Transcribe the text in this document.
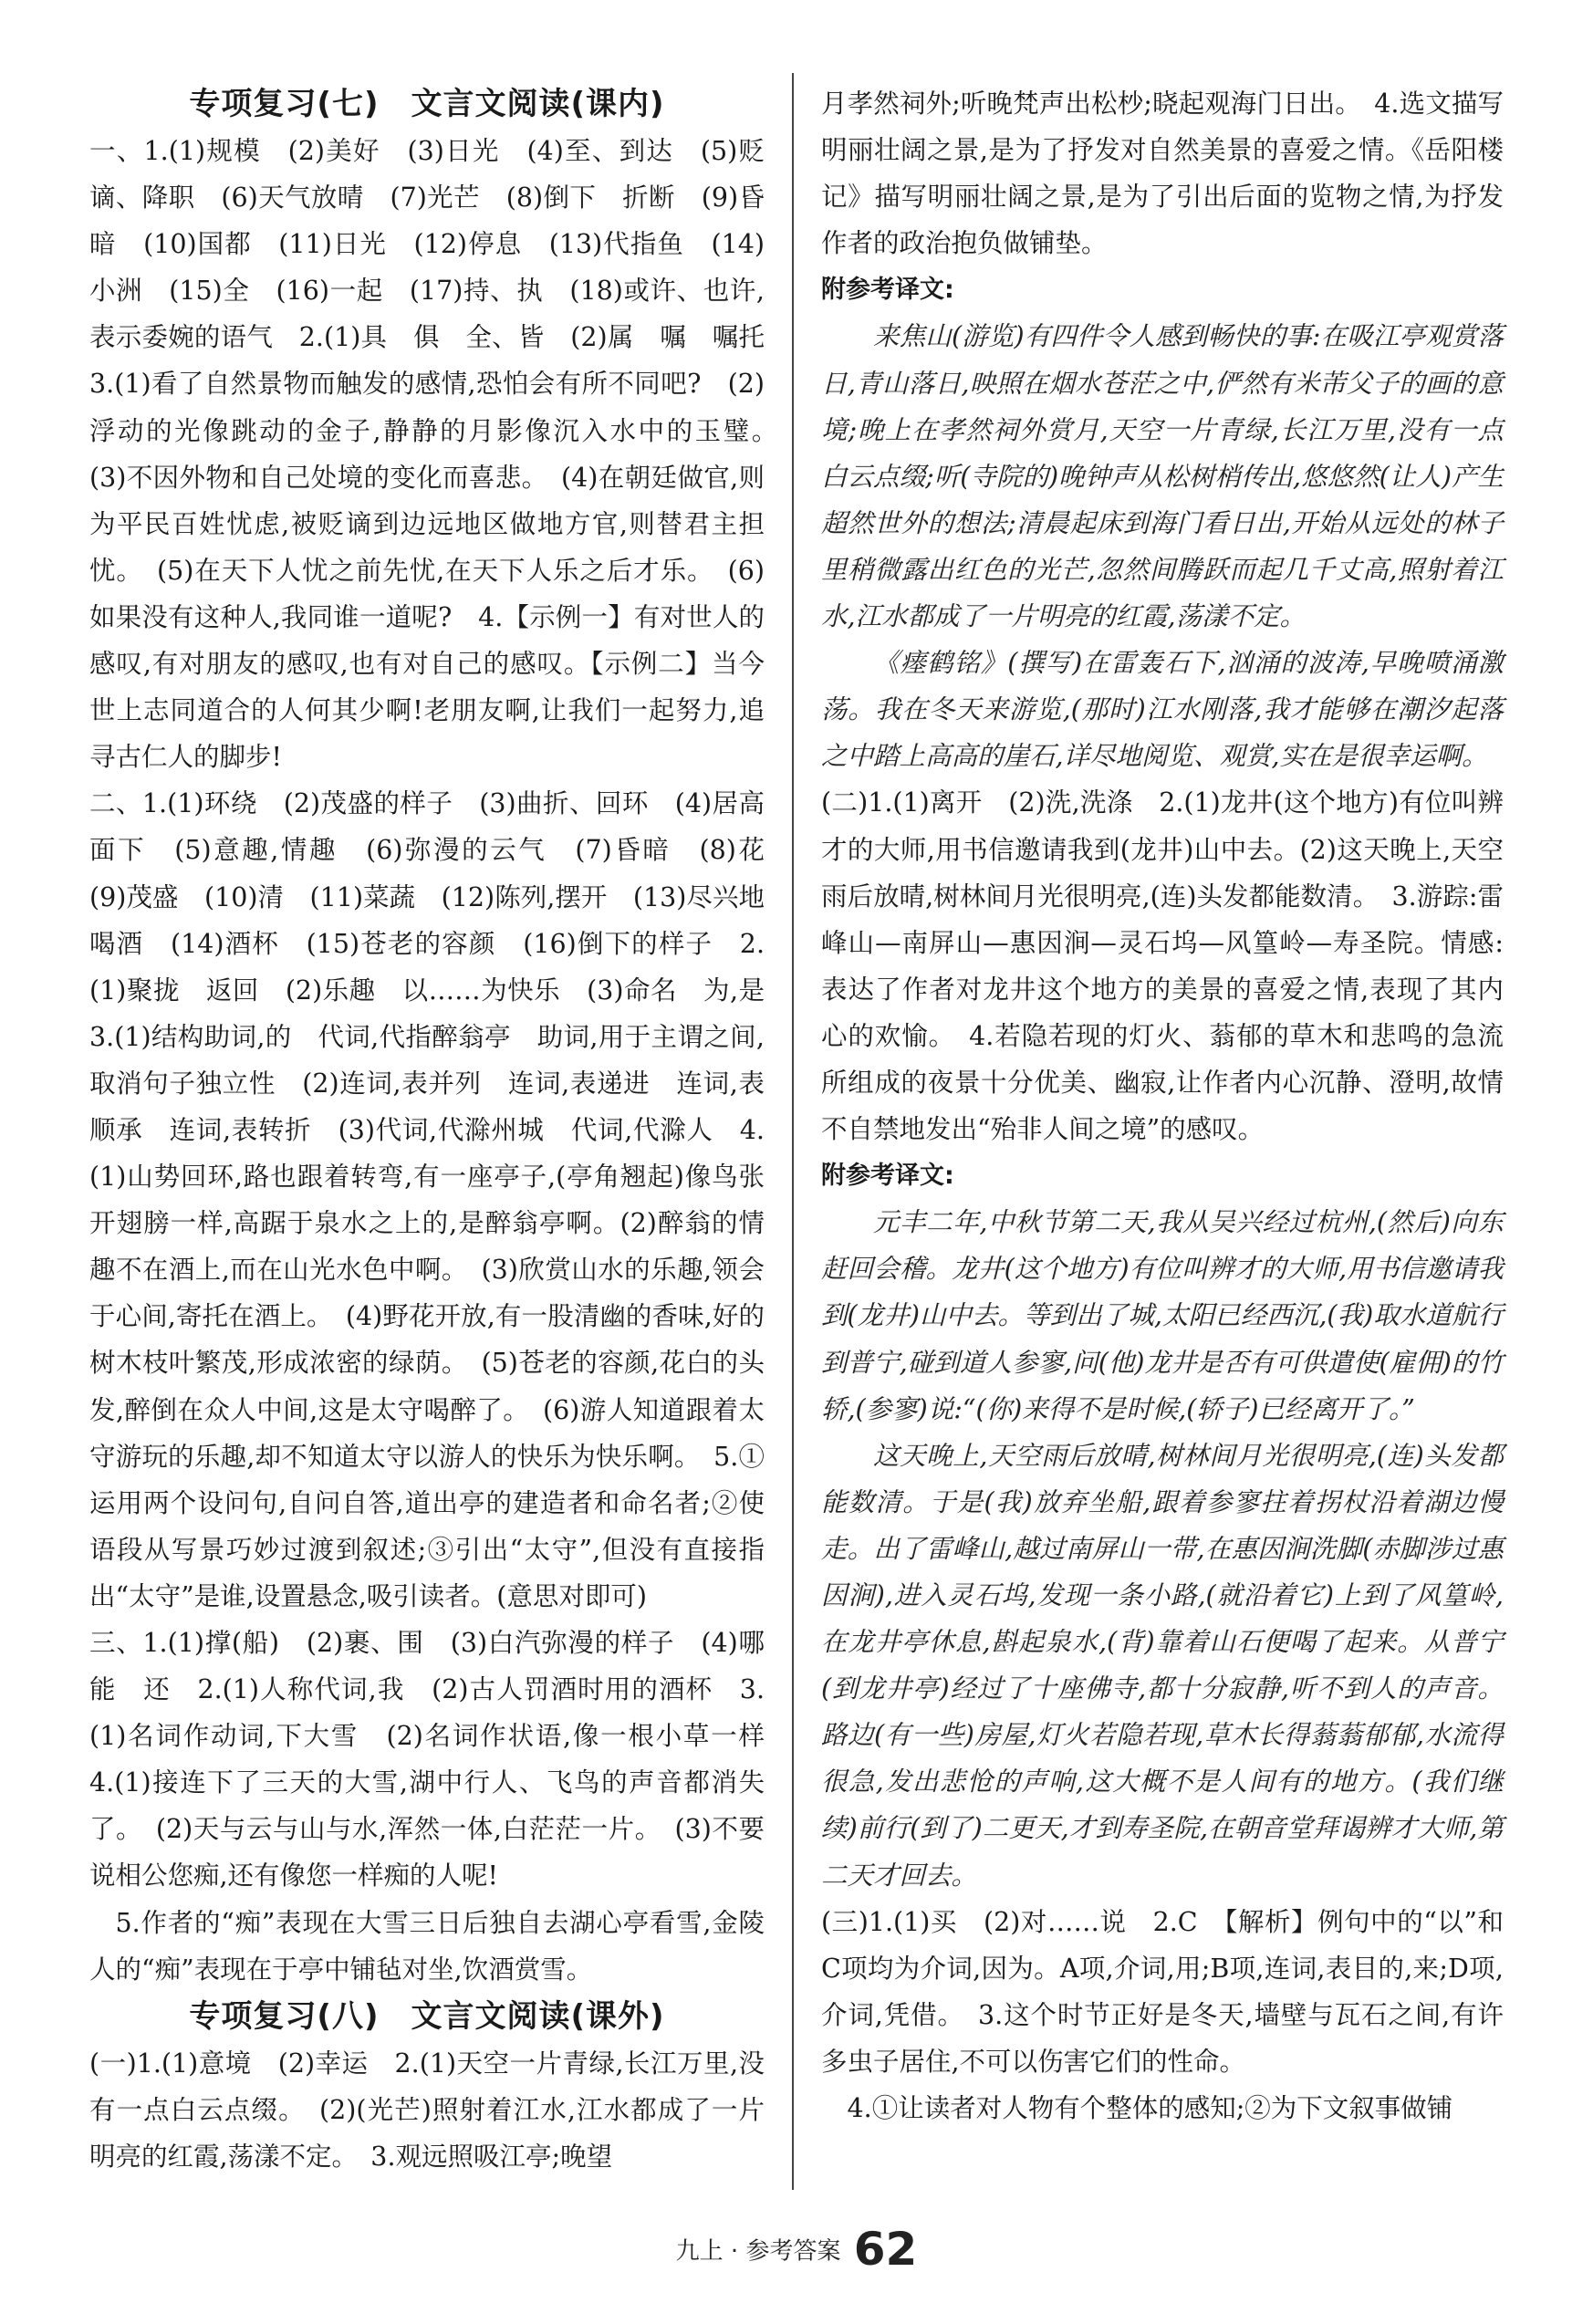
专项复习(七)　文言文阅读(课内)

一、1.(1)规模　(2)美好　(3)日光　(4)至、到达　(5)贬谪、降职　(6)天气放晴　(7)光芒　(8)倒下　折断　(9)昏暗　(10)国都　(11)日光　(12)停息　(13)代指鱼　(14)小洲　(15)全　(16)一起　(17)持、执　(18)或许、也许,表示委婉的语气　2.(1)具　俱　全、皆　(2)属　嘱　嘱托　3.(1)看了自然景物而触发的感情,恐怕会有所不同吧?　(2)浮动的光像跳动的金子,静静的月影像沉入水中的玉璧。　(3)不因外物和自己处境的变化而喜悲。　(4)在朝廷做官,则为平民百姓忧虑,被贬谪到边远地区做地方官,则替君主担忧。　(5)在天下人忧之前先忧,在天下人乐之后才乐。　(6)如果没有这种人,我同谁一道呢?　4.【示例一】有对世人的感叹,有对朋友的感叹,也有对自己的感叹。【示例二】当今世上志同道合的人何其少啊!老朋友啊,让我们一起努力,追寻古仁人的脚步!

二、1.(1)环绕　(2)茂盛的样子　(3)曲折、回环　(4)居高面下　(5)意趣,情趣　(6)弥漫的云气　(7)昏暗　(8)花　(9)茂盛　(10)清　(11)菜蔬　(12)陈列,摆开　(13)尽兴地喝酒　(14)酒杯　(15)苍老的容颜　(16)倒下的样子　2.(1)聚拢　返回　(2)乐趣　以……为快乐　(3)命名　为,是　3.(1)结构助词,的　代词,代指醉翁亭　助词,用于主谓之间,取消句子独立性　(2)连词,表并列　连词,表递进　连词,表顺承　连词,表转折　(3)代词,代滁州城　代词,代滁人　4.(1)山势回环,路也跟着转弯,有一座亭子,(亭角翘起)像鸟张开翅膀一样,高踞于泉水之上的,是醉翁亭啊。(2)醉翁的情趣不在酒上,而在山光水色中啊。　(3)欣赏山水的乐趣,领会于心间,寄托在酒上。　(4)野花开放,有一股清幽的香味,好的树木枝叶繁茂,形成浓密的绿荫。　(5)苍老的容颜,花白的头发,醉倒在众人中间,这是太守喝醉了。　(6)游人知道跟着太守游玩的乐趣,却不知道太守以游人的快乐为快乐啊。　5.①运用两个设问句,自问自答,道出亭的建造者和命名者;②使语段从写景巧妙过渡到叙述;③引出“太守”,但没有直接指出“太守”是谁,设置悬念,吸引读者。(意思对即可)

三、1.(1)撑(船)　(2)裹、围　(3)白汽弥漫的样子　(4)哪能　还　2.(1)人称代词,我　(2)古人罚酒时用的酒杯　3.(1)名词作动词,下大雪　(2)名词作状语,像一根小草一样　4.(1)接连下了三天的大雪,湖中行人、飞鸟的声音都消失了。　(2)天与云与山与水,浑然一体,白茫茫一片。　(3)不要说相公您痴,还有像您一样痴的人呢!

5.作者的“痴”表现在大雪三日后独自去湖心亭看雪,金陵人的“痴”表现在于亭中铺毡对坐,饮酒赏雪。

专项复习(八)　文言文阅读(课外)

(一)1.(1)意境　(2)幸运　2.(1)天空一片青绿,长江万里,没有一点白云点缀。　(2)(光芒)照射着江水,江水都成了一片明亮的红霞,荡漾不定。　3.观远照吸江亭;晚望

月孝然祠外;听晚梵声出松杪;晓起观海门日出。　4.选文描写明丽壮阔之景,是为了抒发对自然美景的喜爱之情。《岳阳楼记》描写明丽壮阔之景,是为了引出后面的览物之情,为抒发作者的政治抱负做铺垫。

附参考译文:

来焦山(游览)有四件令人感到畅快的事:在吸江亭观赏落日,青山落日,映照在烟水苍茫之中,俨然有米芾父子的画的意境;晚上在孝然祠外赏月,天空一片青绿,长江万里,没有一点白云点缀;听(寺院的)晚钟声从松树梢传出,悠悠然(让人)产生超然世外的想法;清晨起床到海门看日出,开始从远处的林子里稍微露出红色的光芒,忽然间腾跃而起几千丈高,照射着江水,江水都成了一片明亮的红霞,荡漾不定。

《瘗鹤铭》(撰写)在雷轰石下,汹涌的波涛,早晚喷涌激荡。我在冬天来游览,(那时)江水刚落,我才能够在潮汐起落之中踏上高高的崖石,详尽地阅览、观赏,实在是很幸运啊。

(二)1.(1)离开　(2)洗,洗涤　2.(1)龙井(这个地方)有位叫辨才的大师,用书信邀请我到(龙井)山中去。(2)这天晚上,天空雨后放晴,树林间月光很明亮,(连)头发都能数清。　3.游踪:雷峰山—南屏山—惠因涧—灵石坞—风篁岭—寿圣院。情感:表达了作者对龙井这个地方的美景的喜爱之情,表现了其内心的欢愉。　4.若隐若现的灯火、蓊郁的草木和悲鸣的急流所组成的夜景十分优美、幽寂,让作者内心沉静、澄明,故情不自禁地发出“殆非人间之境”的感叹。

附参考译文:

元丰二年,中秋节第二天,我从吴兴经过杭州,(然后)向东赶回会稽。龙井(这个地方)有位叫辨才的大师,用书信邀请我到(龙井)山中去。等到出了城,太阳已经西沉,(我)取水道航行到普宁,碰到道人参寥,问(他)龙井是否有可供遣使(雇佣)的竹轿,(参寥)说:“(你)来得不是时候,(轿子)已经离开了。”

这天晚上,天空雨后放晴,树林间月光很明亮,(连)头发都能数清。于是(我)放弃坐船,跟着参寥拄着拐杖沿着湖边慢走。出了雷峰山,越过南屏山一带,在惠因涧洗脚(赤脚涉过惠因涧),进入灵石坞,发现一条小路,(就沿着它)上到了风篁岭,在龙井亭休息,斟起泉水,(背)靠着山石便喝了起来。从普宁(到龙井亭)经过了十座佛寺,都十分寂静,听不到人的声音。路边(有一些)房屋,灯火若隐若现,草木长得蓊蓊郁郁,水流得很急,发出悲怆的声响,这大概不是人间有的地方。(我们继续)前行(到了)二更天,才到寿圣院,在朝音堂拜谒辨才大师,第二天才回去。

(三)1.(1)买　(2)对……说　2.C　【解析】例句中的“以”和C项均为介词,因为。A项,介词,用;B项,连词,表目的,来;D项,介词,凭借。　3.这个时节正好是冬天,墙壁与瓦石之间,有许多虫子居住,不可以伤害它们的性命。

4.①让读者对人物有个整体的感知;②为下文叙事做铺

九上 · 参考答案 62
